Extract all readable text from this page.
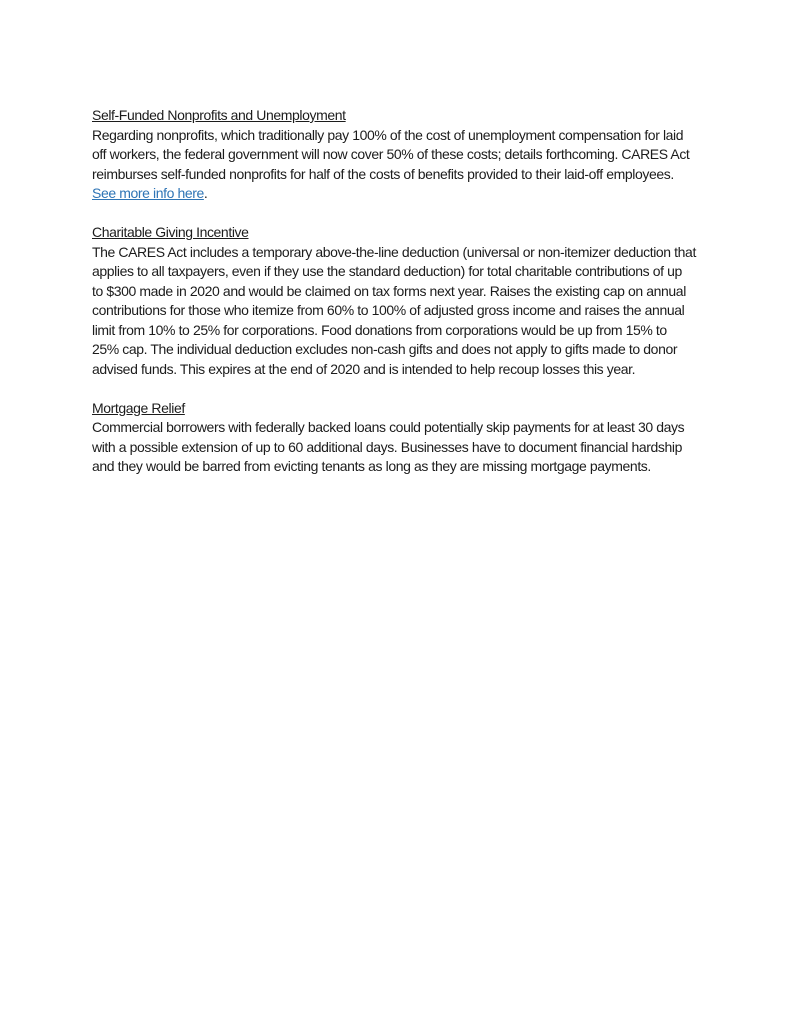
Self-Funded Nonprofits and Unemployment
Regarding nonprofits, which traditionally pay 100% of the cost of unemployment compensation for laid
off workers, the federal government will now cover 50% of these costs; details forthcoming. CARES Act
reimburses self-funded nonprofits for half of the costs of benefits provided to their laid-off employees.
See more info here.
Charitable Giving Incentive
The CARES Act includes a temporary above-the-line deduction (universal or non-itemizer deduction that
applies to all taxpayers, even if they use the standard deduction) for total charitable contributions of up
to $300 made in 2020 and would be claimed on tax forms next year. Raises the existing cap on annual
contributions for those who itemize from 60% to 100% of adjusted gross income and raises the annual
limit from 10% to 25% for corporations. Food donations from corporations would be up from 15% to
25% cap. The individual deduction excludes non-cash gifts and does not apply to gifts made to donor
advised funds. This expires at the end of 2020 and is intended to help recoup losses this year.
Mortgage Relief
Commercial borrowers with federally backed loans could potentially skip payments for at least 30 days
with a possible extension of up to 60 additional days. Businesses have to document financial hardship
and they would be barred from evicting tenants as long as they are missing mortgage payments.
